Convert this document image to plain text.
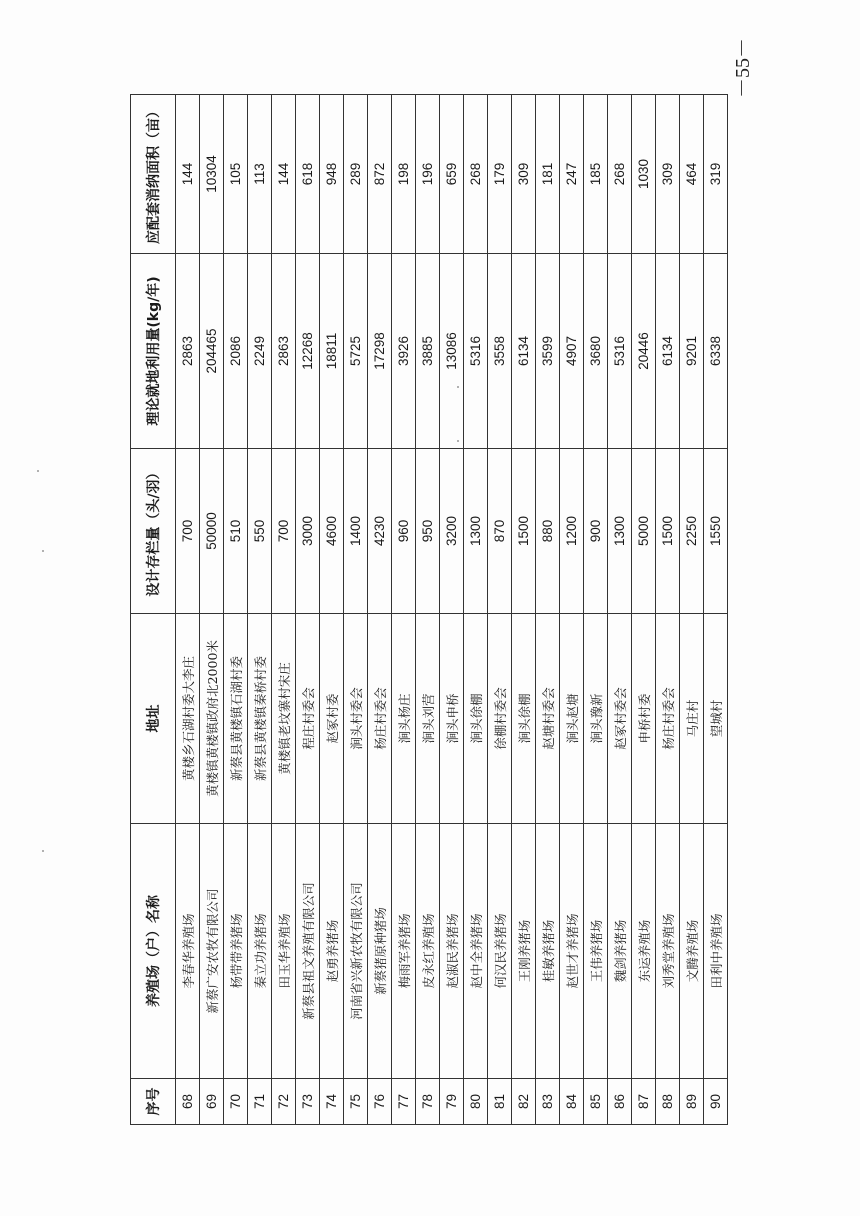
序号	养殖场（户）名称	地址	设计存栏量（头/羽）	理论就地利用量(kg/年)	应配套消纳面积（亩）
68	李春华养殖场	黄楼乡石湖村委大李庄	700	2863	144
69	新蔡广安农牧有限公司	黄楼镇黄楼镇政府北2000米	50000	204465	10304
70	杨带带养猪场	新蔡县黄楼镇石湖村委	510	2086	105
71	秦立功养猪场	新蔡县黄楼镇秦桥村委	550	2249	113
72	田玉华养殖场	黄楼镇老坟寨村宋庄	700	2863	144
73	新蔡县祖文养殖有限公司	程庄村委会	3000	12268	618
74	赵勇养猪场	赵冢村委	4600	18811	948
75	河南省兴新农牧有限公司	涧头村委会	1400	5725	289
76	新蔡猪原种猪场	杨庄村委会	4230	17298	872
77	梅雨军养猪场	涧头杨庄	960	3926	198
78	皮永红养殖场	涧头刘营	950	3885	196
79	赵淑民养猪场	涧头申桥	3200	13086	659
80	赵中全养猪场	涧头徐棚	1300	5316	268
81	何汉民养猪场	徐棚村委会	870	3558	179
82	王刚养猪场	涧头徐棚	1500	6134	309
83	桂敏养猪场	赵塘村委会	880	3599	181
84	赵世才养猪场	涧头赵塘	1200	4907	247
85	王伟养猪场	涧头豫新	900	3680	185
86	魏剑养猪场	赵冢村委会	1300	5316	268
87	东运养殖场	申桥村委	5000	20446	1030
88	刘秀堂养殖场	杨庄村委会	1500	6134	309
89	文腾养殖场	马庄村	2250	9201	464
90	田利中养殖场	望城村	1550	6338	319
－55－
